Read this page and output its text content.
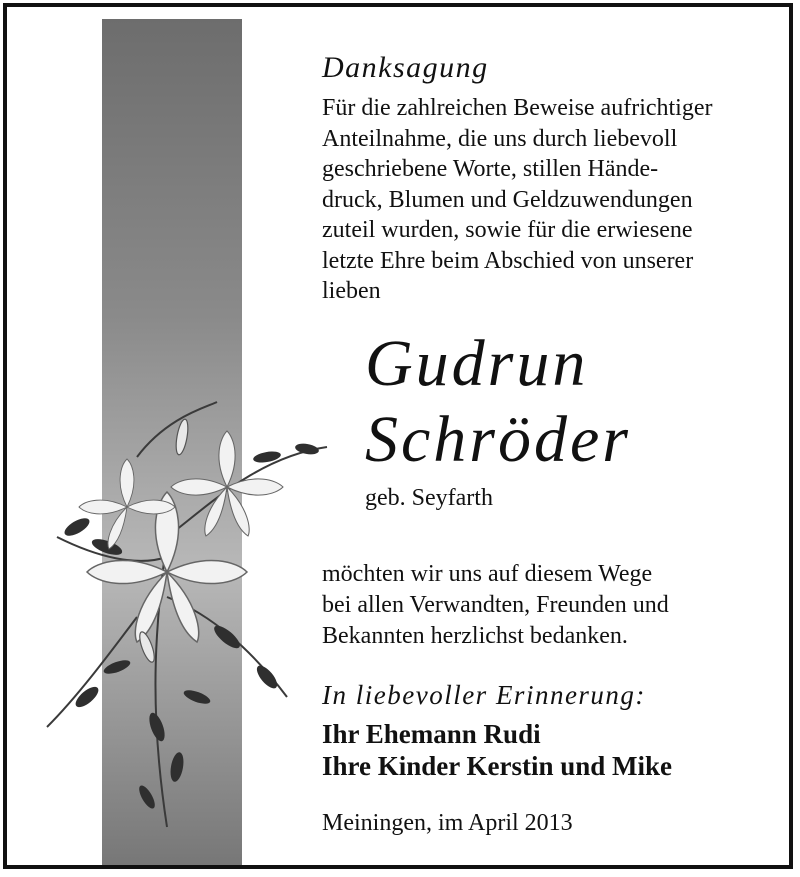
Danksagung

Für die zahlreichen Beweise aufrichtiger
Anteilnahme, die uns durch liebevoll
geschriebene Worte, stillen Hände-
druck, Blumen und Geldzuwendungen
zuteil wurden, sowie für die erwiesene
letzte Ehre beim Abschied von unserer
lieben

Gudrun
Schröder
geb. Seyfarth

möchten wir uns auf diesem Wege
bei allen Verwandten, Freunden und
Bekannten herzlichst bedanken.

In liebevoller Erinnerung:
Ihr Ehemann Rudi
Ihre Kinder Kerstin und Mike
Meiningen, im April 2013
